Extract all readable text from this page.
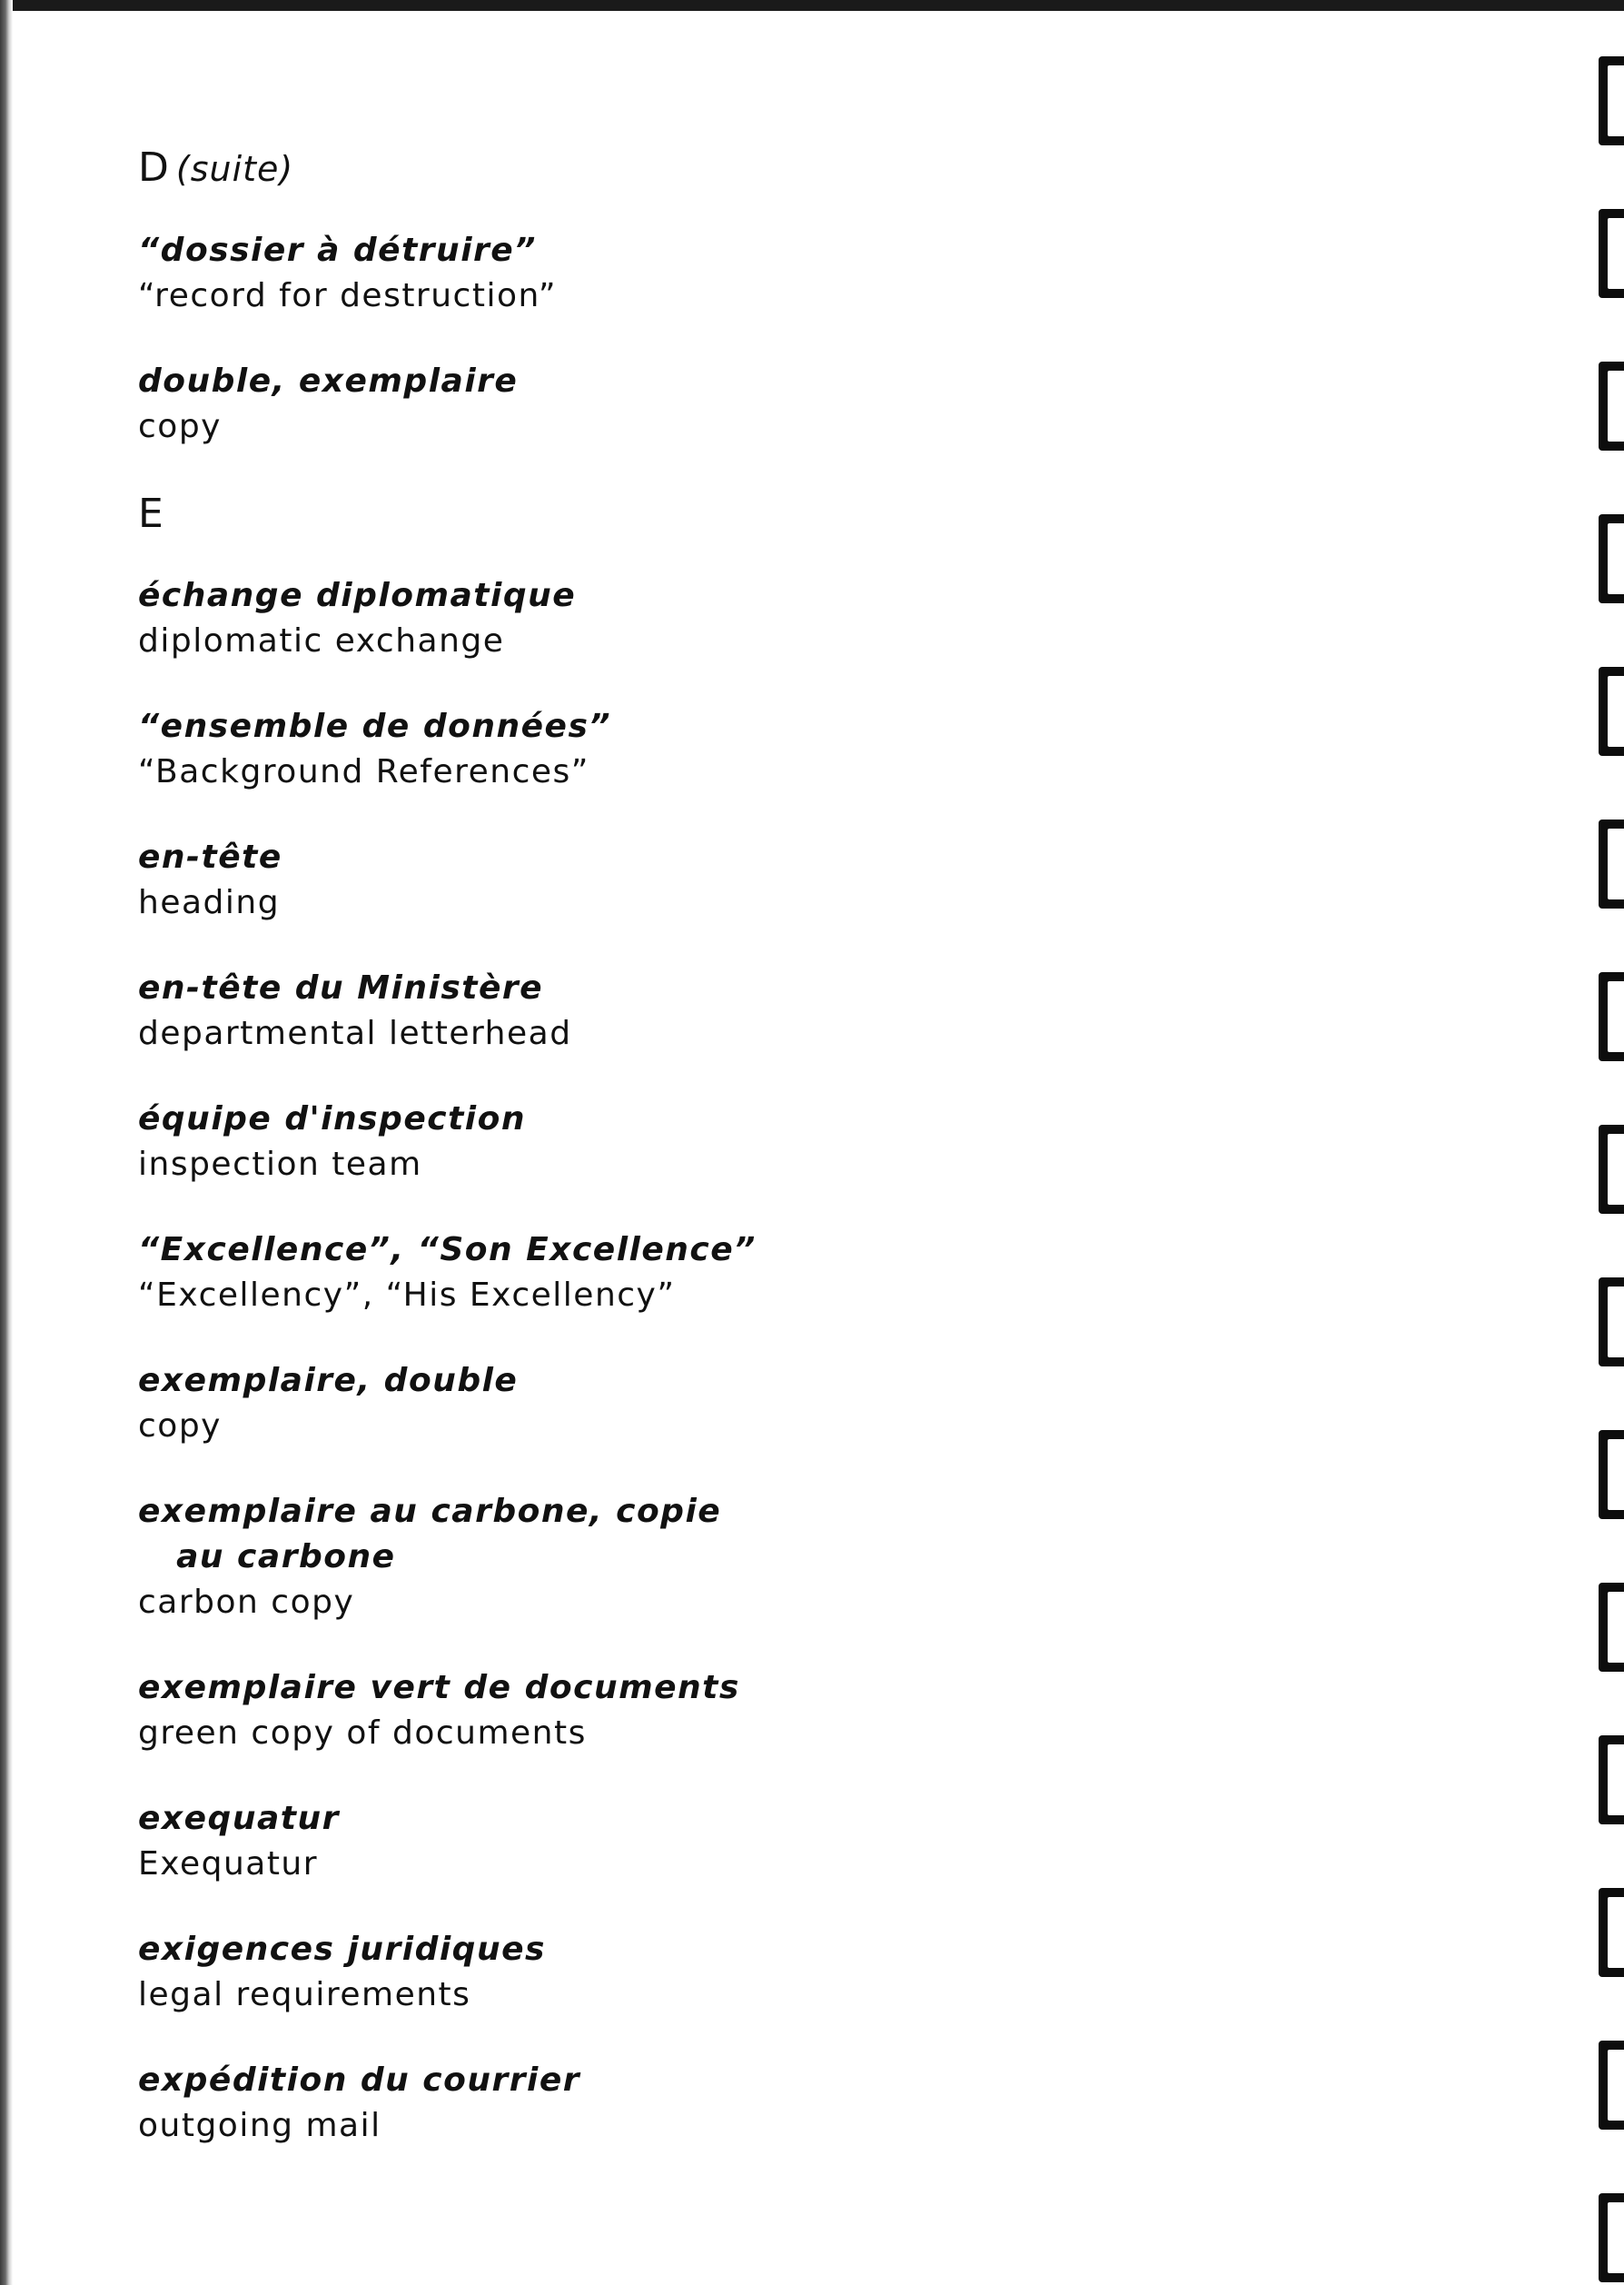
D (suite)
“dossier à détruire”
“record for destruction”
double, exemplaire
copy
E
échange diplomatique
diplomatic exchange
“ensemble de données”
“Background References”
en-tête
heading
en-tête du Ministère
departmental letterhead
équipe d'inspection
inspection team
“Excellence”, “Son Excellence”
“Excellency”, “His Excellency”
exemplaire, double
copy
exemplaire au carbone, copie
au carbone
carbon copy
exemplaire vert de documents
green copy of documents
exequatur
Exequatur
exigences juridiques
legal requirements
expédition du courrier
outgoing mail
